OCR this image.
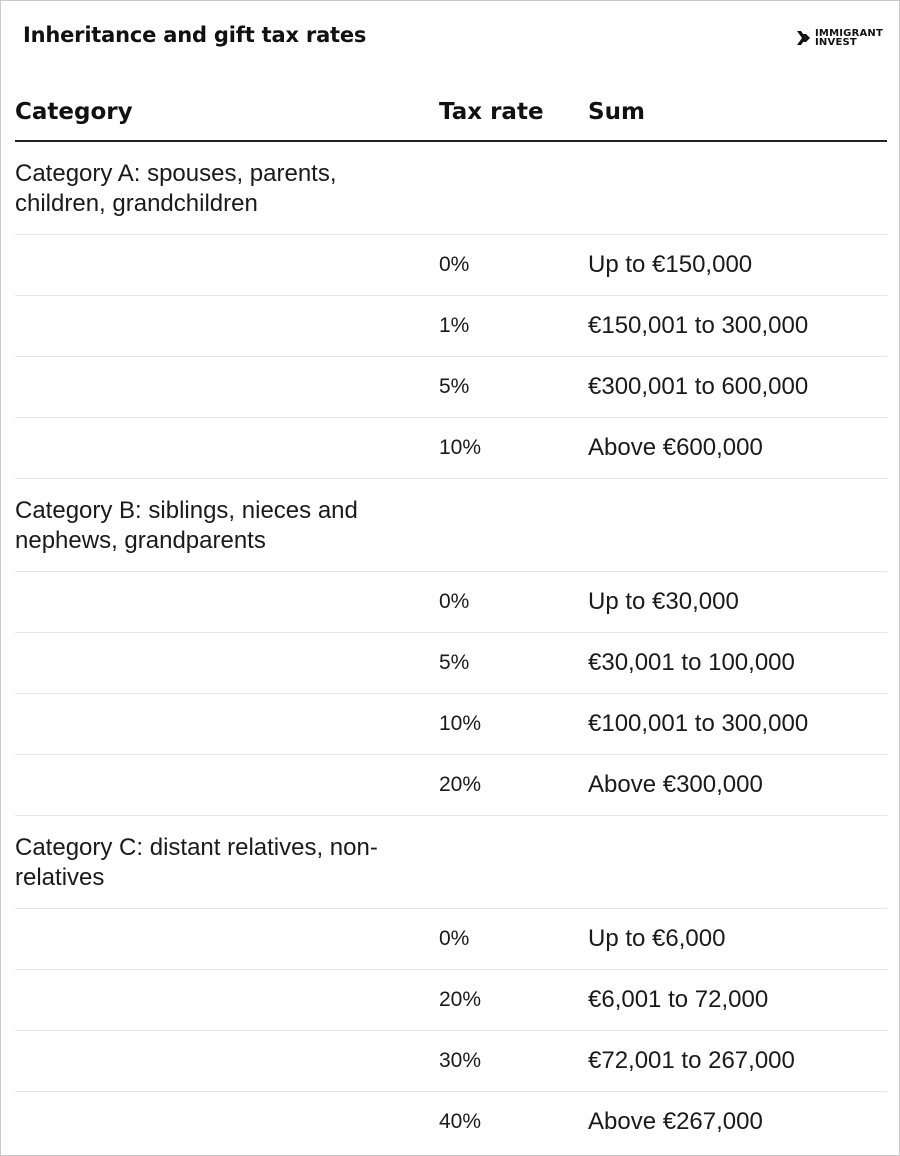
Inheritance and gift tax rates	IMMIGRANT
INVEST
Category	Tax rate Sum
Category A: spouses, parents, children, grandchildren
0%	Up to €150,000
1%	€150,001 to 300,000
5%	€300,001 to 600,000
10%	Above €600,000
Category B: siblings, nieces and nephews, grandparents
0%	Up to €30,000
5%	€30,001 to 100,000
10%	€100,001 to 300,000
20%	Above €300,000
Category C: distant relatives, non-relatives
0%	Up to €6,000
20%	€6,001 to 72,000
30%	€72,001 to 267,000
40%	Above €267,000
